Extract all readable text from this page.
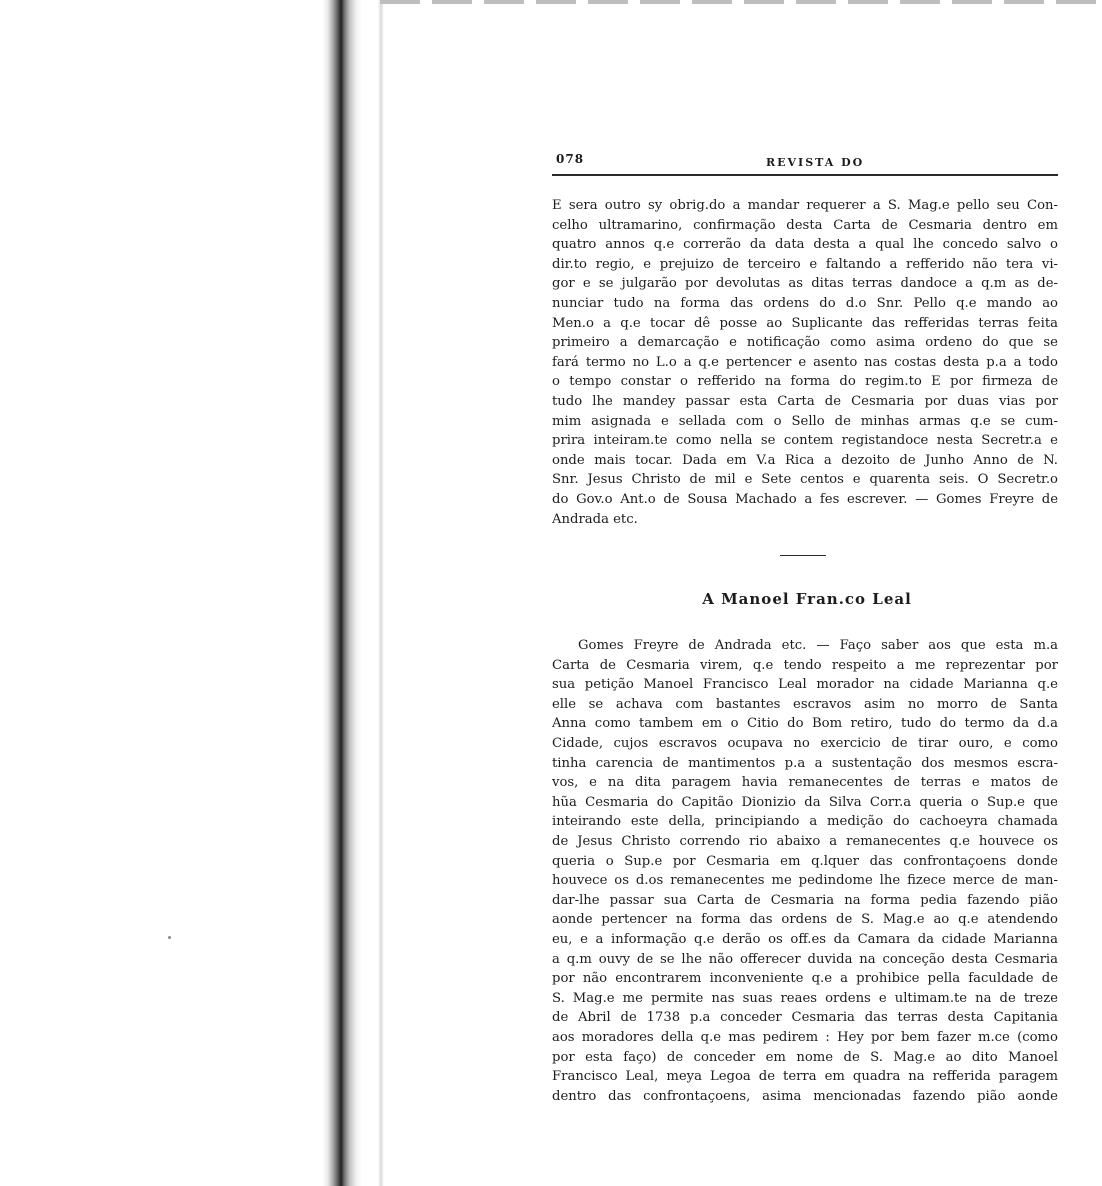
078	REVISTA DO

E sera outro sy obrig.do a mandar requerer a S. Mag.e pello seu Con-
celho ultramarino, confirmação desta Carta de Cesmaria dentro em
quatro annos q.e correrão da data desta a qual lhe concedo salvo o
dir.to regio, e prejuizo de terceiro e faltando a refferido não tera vi-
gor e se julgarão por devolutas as ditas terras dandoce a q.m as de-
nunciar tudo na forma das ordens do d.o Snr. Pello q.e mando ao
Men.o a q.e tocar dê posse ao Suplicante das refferidas terras feita
primeiro a demarcação e notificação como asima ordeno do que se
fará termo no L.o a q.e pertencer e asento nas costas desta p.a a todo
o tempo constar o refferido na forma do regim.to E por firmeza de
tudo lhe mandey passar esta Carta de Cesmaria por duas vias por
mim asignada e sellada com o Sello de minhas armas q.e se cum-
prira inteiram.te como nella se contem registandoce nesta Secretr.a e
onde mais tocar. Dada em V.a Rica a dezoito de Junho Anno de N.
Snr. Jesus Christo de mil e Sete centos e quarenta seis. O Secretr.o
do Gov.o Ant.o de Sousa Machado a fes escrever. — Gomes Freyre de
Andrada etc.

A Manoel Fran.co Leal

Gomes Freyre de Andrada etc. — Faço saber aos que esta m.a
Carta de Cesmaria virem, q.e tendo respeito a me reprezentar por
sua petição Manoel Francisco Leal morador na cidade Marianna q.e
elle se achava com bastantes escravos asim no morro de Santa
Anna como tambem em o Citio do Bom retiro, tudo do termo da d.a
Cidade, cujos escravos ocupava no exercicio de tirar ouro, e como
tinha carencia de mantimentos p.a a sustentação dos mesmos escra-
vos, e na dita paragem havia remanecentes de terras e matos de
hũa Cesmaria do Capitão Dionizio da Silva Corr.a queria o Sup.e que
inteirando este della, principiando a medição do cachoeyra chamada
de Jesus Christo correndo rio abaixo a remanecentes q.e houvece os
queria o Sup.e por Cesmaria em q.lquer das confrontaçoens donde
houvece os d.os remanecentes me pedindome lhe fizece merce de man-
dar-lhe passar sua Carta de Cesmaria na forma pedia fazendo pião
aonde pertencer na forma das ordens de S. Mag.e ao q.e atendendo
eu, e a informação q.e derão os off.es da Camara da cidade Marianna
a q.m ouvy de se lhe não offerecer duvida na conceção desta Cesmaria
por não encontrarem inconveniente q.e a prohibice pella faculdade de
S. Mag.e me permite nas suas reaes ordens e ultimam.te na de treze
de Abril de 1738 p.a conceder Cesmaria das terras desta Capitania
aos moradores della q.e mas pedirem : Hey por bem fazer m.ce (como
por esta faço) de conceder em nome de S. Mag.e ao dito Manoel
Francisco Leal, meya Legoa de terra em quadra na refferida paragem
dentro das confrontaçoens, asima mencionadas fazendo pião aonde
